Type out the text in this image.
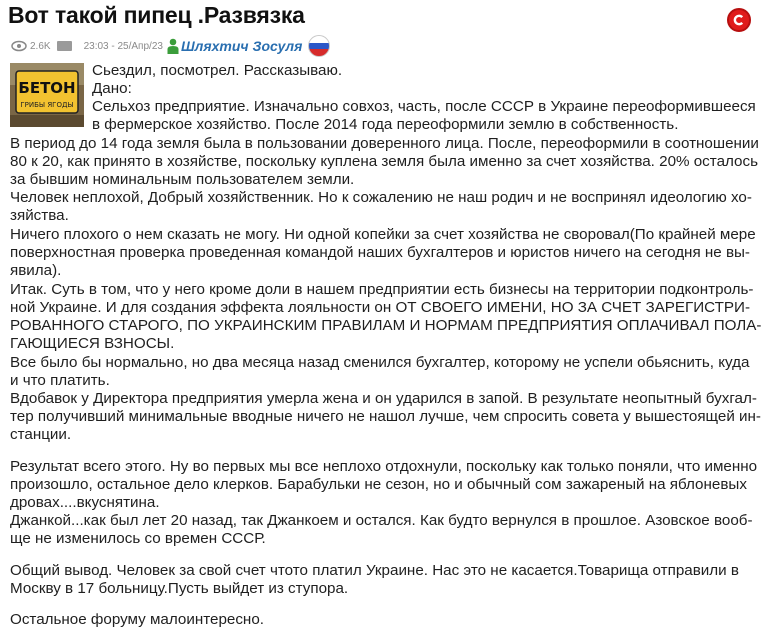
Вот такой пипец .Развязка
2.6K	23:03 - 25/Апр/23 Шляхтич Зосуля
БЕТОН
ГРИБЫ ЯГОДЫ
Сьездил, посмотрел. Рассказываю.
Дано:
Сельхоз предприятие. Изначально совхоз, часть, после СССР в Украине переоформившееся
в фермерское хозяйство. После 2014 года переоформили землю в собственность.
В период до 14 года земля была в пользовании доверенного лица. После, переоформили в соотношении
80 к 20, как принято в хозяйстве, поскольку куплена земля была именно за счет хозяйства. 20% осталось
за бывшим номинальным пользователем земли.
Человек неплохой, Добрый хозяйственник. Но к сожалению не наш родич и не воспринял идеологию хо-
зяйства.
Ничего плохого о нем сказать не могу. Ни одной копейки за счет хозяйства не своровал(По крайней мере
поверхностная проверка проведенная командой наших бухгалтеров и юристов ничего на сегодня не вы-
явила).
Итак. Суть в том, что у него кроме доли в нашем предприятии есть бизнесы на территории подконтроль-
ной Украине. И для создания эффекта лояльности он ОТ СВОЕГО ИМЕНИ, НО ЗА СЧЕТ ЗАРЕГИСТРИ-
РОВАННОГО СТАРОГО, ПО УКРАИНСКИМ ПРАВИЛАМ И НОРМАМ ПРЕДПРИЯТИЯ ОПЛАЧИВАЛ ПОЛА-
ГАЮЩИЕСЯ ВЗНОСЫ.
Все было бы нормально, но два месяца назад сменился бухгалтер, которому не успели обьяснить, куда
и что платить.
Вдобавок у Директора предприятия умерла жена и он ударился в запой. В результате неопытный бухгал-
тер получивший минимальные вводные ничего не нашол лучше, чем спросить совета у вышестоящей ин-
станции.
Результат всего этого. Ну во первых мы все неплохо отдохнули, поскольку как только поняли, что именно
произошло, остальное дело клерков. Барабульки не сезон, но и обычный сом зажареный на яблоневых
дровах....вкуснятина.
Джанкой...как был лет 20 назад, так Джанкоем и остался. Как будто вернулся в прошлое. Азовское вооб-
ще не изменилось со времен СССР.
Общий вывод. Человек за свой счет чтото платил Украине. Нас это не касается.Товарища отправили в
Москву в 17 больницу.Пусть выйдет из ступора.
Остальное форуму малоинтересно.
